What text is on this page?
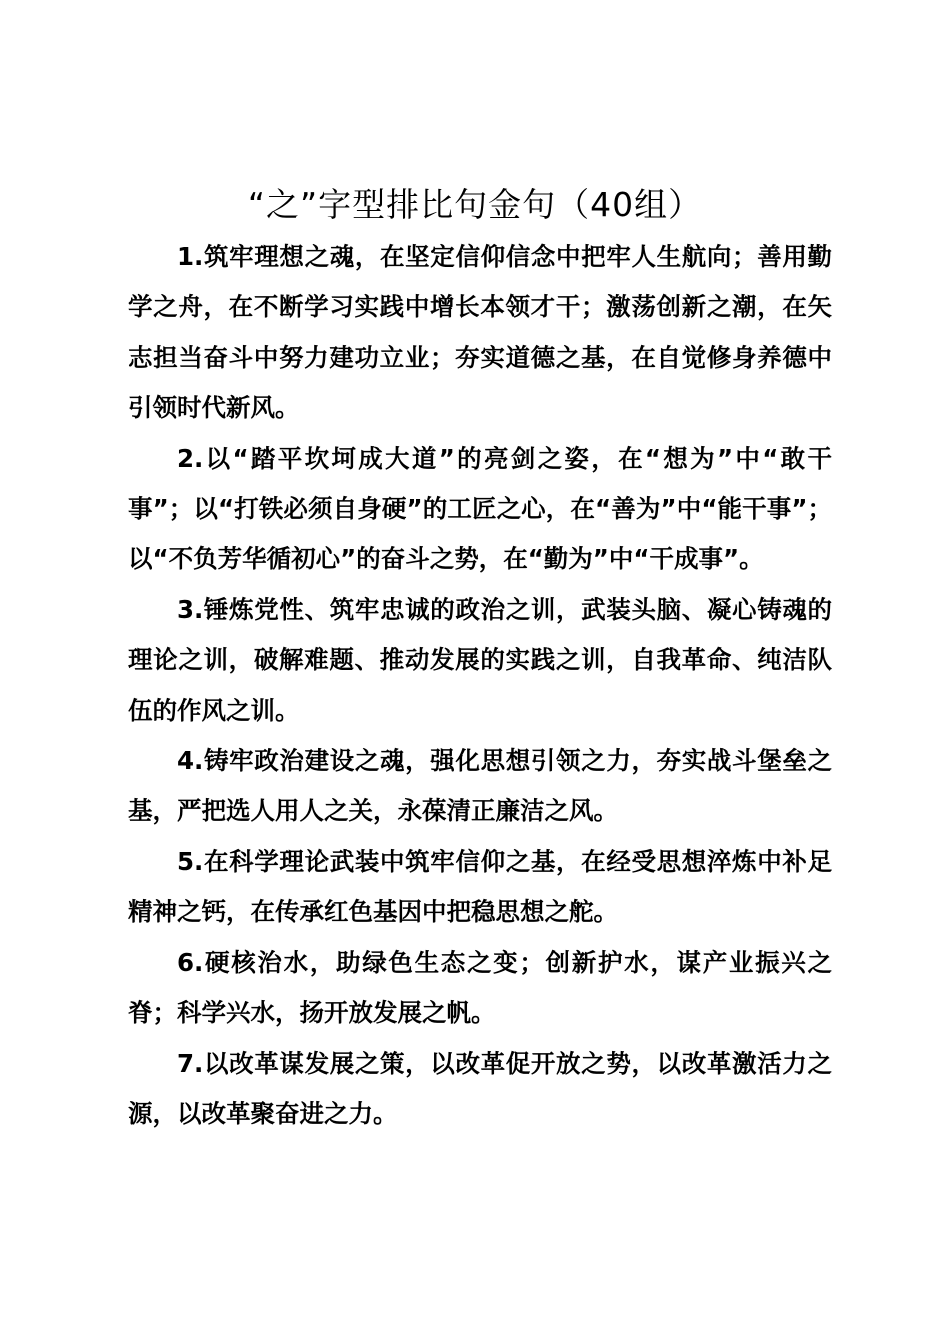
“之”字型排比句金句（40组）

1.筑牢理想之魂，在坚定信仰信念中把牢人生航向；善用勤学之舟，在不断学习实践中增长本领才干；激荡创新之潮，在矢志担当奋斗中努力建功立业；夯实道德之基，在自觉修身养德中引领时代新风。

2.以“踏平坎坷成大道”的亮剑之姿，在“想为”中“敢干事”；以“打铁必须自身硬”的工匠之心，在“善为”中“能干事”；以“不负芳华循初心”的奋斗之势，在“勤为”中“干成事”。

3.锤炼党性、筑牢忠诚的政治之训，武装头脑、凝心铸魂的理论之训，破解难题、推动发展的实践之训，自我革命、纯洁队伍的作风之训。

4.铸牢政治建设之魂，强化思想引领之力，夯实战斗堡垒之基，严把选人用人之关，永葆清正廉洁之风。

5.在科学理论武装中筑牢信仰之基，在经受思想淬炼中补足精神之钙，在传承红色基因中把稳思想之舵。

6.硬核治水，助绿色生态之变；创新护水，谋产业振兴之脊；科学兴水，扬开放发展之帆。

7.以改革谋发展之策，以改革促开放之势，以改革激活力之源，以改革聚奋进之力。
